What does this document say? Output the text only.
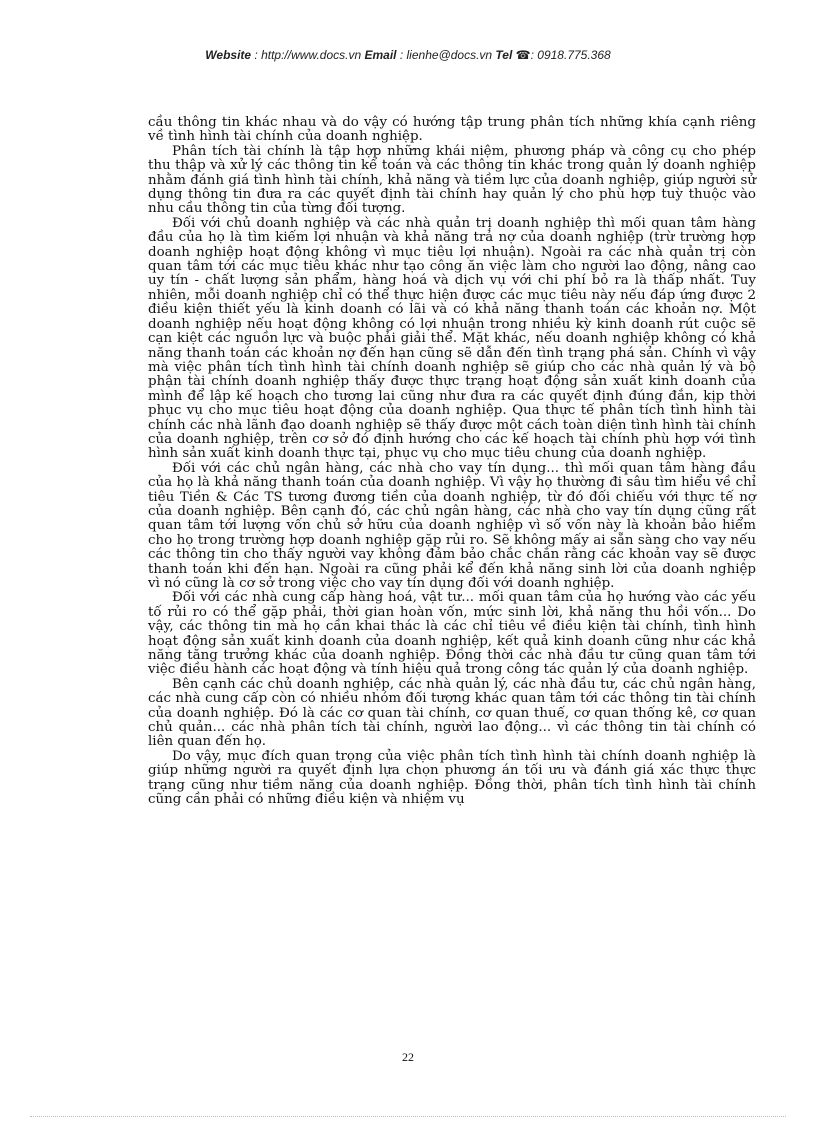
Website : http://www.docs.vn Email : lienhe@docs.vn Tel ☎: 0918.775.368

cầu thông tin khác nhau và do vậy có hướng tập trung phân tích những khía cạnh riêng về tình hình tài chính của doanh nghiệp.

Phân tích tài chính là tập hợp những khái niệm, phương pháp và công cụ cho phép thu thập và xử lý các thông tin kế toán và các thông tin khác trong quản lý doanh nghiệp nhằm đánh giá tình hình tài chính, khả năng và tiềm lực của doanh nghiệp, giúp người sử dụng thông tin đưa ra các quyết định tài chính hay quản lý cho phù hợp tuỳ thuộc vào nhu cầu thông tin của từng đối tượng.

Đối với chủ doanh nghiệp và các nhà quản trị doanh nghiệp thì mối quan tâm hàng đầu của họ là tìm kiếm lợi nhuận và khả năng trả nợ của doanh nghiệp (trừ trường hợp doanh nghiệp hoạt động không vì mục tiêu lợi nhuận). Ngoài ra các nhà quản trị còn quan tâm tới các mục tiêu khác như tạo công ăn việc làm cho người lao động, nâng cao uy tín - chất lượng sản phẩm, hàng hoá và dịch vụ với chi phí bỏ ra là thấp nhất. Tuy nhiên, mỗi doanh nghiệp chỉ có thể thực hiện được các mục tiêu này nếu đáp ứng được 2 điều kiện thiết yếu là kinh doanh có lãi và có khả năng thanh toán các khoản nợ. Một doanh nghiệp nếu hoạt động không có lợi nhuận trong nhiều kỳ kinh doanh rút cuộc sẽ cạn kiệt các nguồn lực và buộc phải giải thể. Mặt khác, nếu doanh nghiệp không có khả năng thanh toán các khoản nợ đến hạn cũng sẽ dẫn đến tình trạng phá sản. Chính vì vậy mà việc phân tích tình hình tài chính doanh nghiệp sẽ giúp cho các nhà quản lý và bộ phận tài chính doanh nghiệp thấy được thực trạng hoạt động sản xuất kinh doanh của mình để lập kế hoạch cho tương lai cũng như đưa ra các quyết định đúng đắn, kịp thời phục vụ cho mục tiêu hoạt động của doanh nghiệp. Qua thực tế phân tích tình hình tài chính các nhà lãnh đạo doanh nghiệp sẽ thấy được một cách toàn diện tình hình tài chính của doanh nghiệp, trên cơ sở đó định hướng cho các kế hoạch tài chính phù hợp với tình hình sản xuất kinh doanh thực tại, phục vụ cho mục tiêu chung của doanh nghiệp.

Đối với các chủ ngân hàng, các nhà cho vay tín dụng... thì mối quan tâm hàng đầu của họ là khả năng thanh toán của doanh nghiệp. Vì vậy họ thường đi sâu tìm hiểu về chỉ tiêu Tiền & Các TS tương đương tiền của doanh nghiệp, từ đó đối chiếu với thực tế nợ của doanh nghiệp. Bên cạnh đó, các chủ ngân hàng, các nhà cho vay tín dụng cũng rất quan tâm tới lượng vốn chủ sở hữu của doanh nghiệp vì số vốn này là khoản bảo hiểm cho họ trong trường hợp doanh nghiệp gặp rủi ro. Sẽ không mấy ai sẵn sàng cho vay nếu các thông tin cho thấy người vay không đảm bảo chắc chắn rằng các khoản vay sẽ được thanh toán khi đến hạn. Ngoài ra cũng phải kể đến khả năng sinh lời của doanh nghiệp vì nó cũng là cơ sở trong việc cho vay tín dụng đối với doanh nghiệp.

Đối với các nhà cung cấp hàng hoá, vật tư... mối quan tâm của họ hướng vào các yếu tố rủi ro có thể gặp phải, thời gian hoàn vốn, mức sinh lời, khả năng thu hồi vốn... Do vậy, các thông tin mà họ cần khai thác là các chỉ tiêu về điều kiện tài chính, tình hình hoạt động sản xuất kinh doanh của doanh nghiệp, kết quả kinh doanh cũng như các khả năng tăng trưởng khác của doanh nghiệp. Đồng thời các nhà đầu tư cũng quan tâm tới việc điều hành các hoạt động và tính hiệu quả trong công tác quản lý của doanh nghiệp.

Bên cạnh các chủ doanh nghiệp, các nhà quản lý, các nhà đầu tư, các chủ ngân hàng, các nhà cung cấp còn có nhiều nhóm đối tượng khác quan tâm tới các thông tin tài chính của doanh nghiệp. Đó là các cơ quan tài chính, cơ quan thuế, cơ quan thống kê, cơ quan chủ quản... các nhà phân tích tài chính, người lao động... vì các thông tin tài chính có liên quan đến họ.

Do vậy, mục đích quan trọng của việc phân tích tình hình tài chính doanh nghiệp là giúp những người ra quyết định lựa chọn phương án tối ưu và đánh giá xác thực thực trạng cũng như tiềm năng của doanh nghiệp. Đồng thời, phân tích tình hình tài chính cũng cần phải có những điều kiện và nhiệm vụ

22
